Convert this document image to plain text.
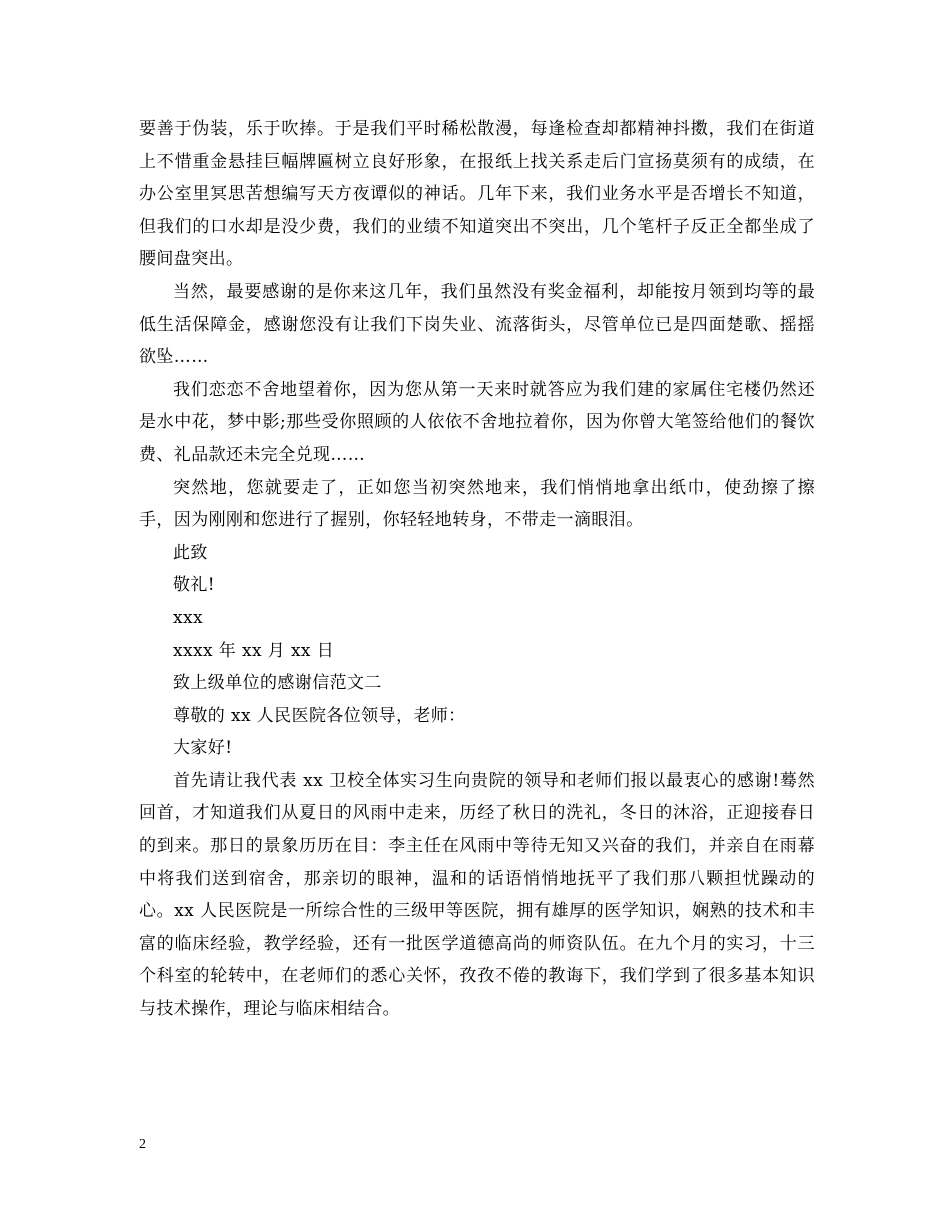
要善于伪装，乐于吹捧。于是我们平时稀松散漫，每逢检查却都精神抖擞，我们在街道上不惜重金悬挂巨幅牌匾树立良好形象，在报纸上找关系走后门宣扬莫须有的成绩，在办公室里冥思苦想编写天方夜谭似的神话。几年下来，我们业务水平是否增长不知道，但我们的口水却是没少费，我们的业绩不知道突出不突出，几个笔杆子反正全都坐成了腰间盘突出。

当然，最要感谢的是你来这几年，我们虽然没有奖金福利，却能按月领到均等的最低生活保障金，感谢您没有让我们下岗失业、流落街头，尽管单位已是四面楚歌、摇摇欲坠……

我们恋恋不舍地望着你，因为您从第一天来时就答应为我们建的家属住宅楼仍然还是水中花，梦中影;那些受你照顾的人依依不舍地拉着你，因为你曾大笔签给他们的餐饮费、礼品款还未完全兑现……

突然地，您就要走了，正如您当初突然地来，我们悄悄地拿出纸巾，使劲擦了擦手，因为刚刚和您进行了握别，你轻轻地转身，不带走一滴眼泪。

此致

敬礼!

xxx

xxxx 年 xx 月 xx 日

致上级单位的感谢信范文二

尊敬的 xx 人民医院各位领导，老师：

大家好!

首先请让我代表 xx 卫校全体实习生向贵院的领导和老师们报以最衷心的感谢!蓦然回首，才知道我们从夏日的风雨中走来，历经了秋日的洗礼，冬日的沐浴，正迎接春日的到来。那日的景象历历在目：李主任在风雨中等待无知又兴奋的我们，并亲自在雨幕中将我们送到宿舍，那亲切的眼神，温和的话语悄悄地抚平了我们那八颗担忧躁动的心。xx 人民医院是一所综合性的三级甲等医院，拥有雄厚的医学知识，娴熟的技术和丰富的临床经验，教学经验，还有一批医学道德高尚的师资队伍。在九个月的实习，十三个科室的轮转中，在老师们的悉心关怀，孜孜不倦的教诲下，我们学到了很多基本知识与技术操作，理论与临床相结合。

2
